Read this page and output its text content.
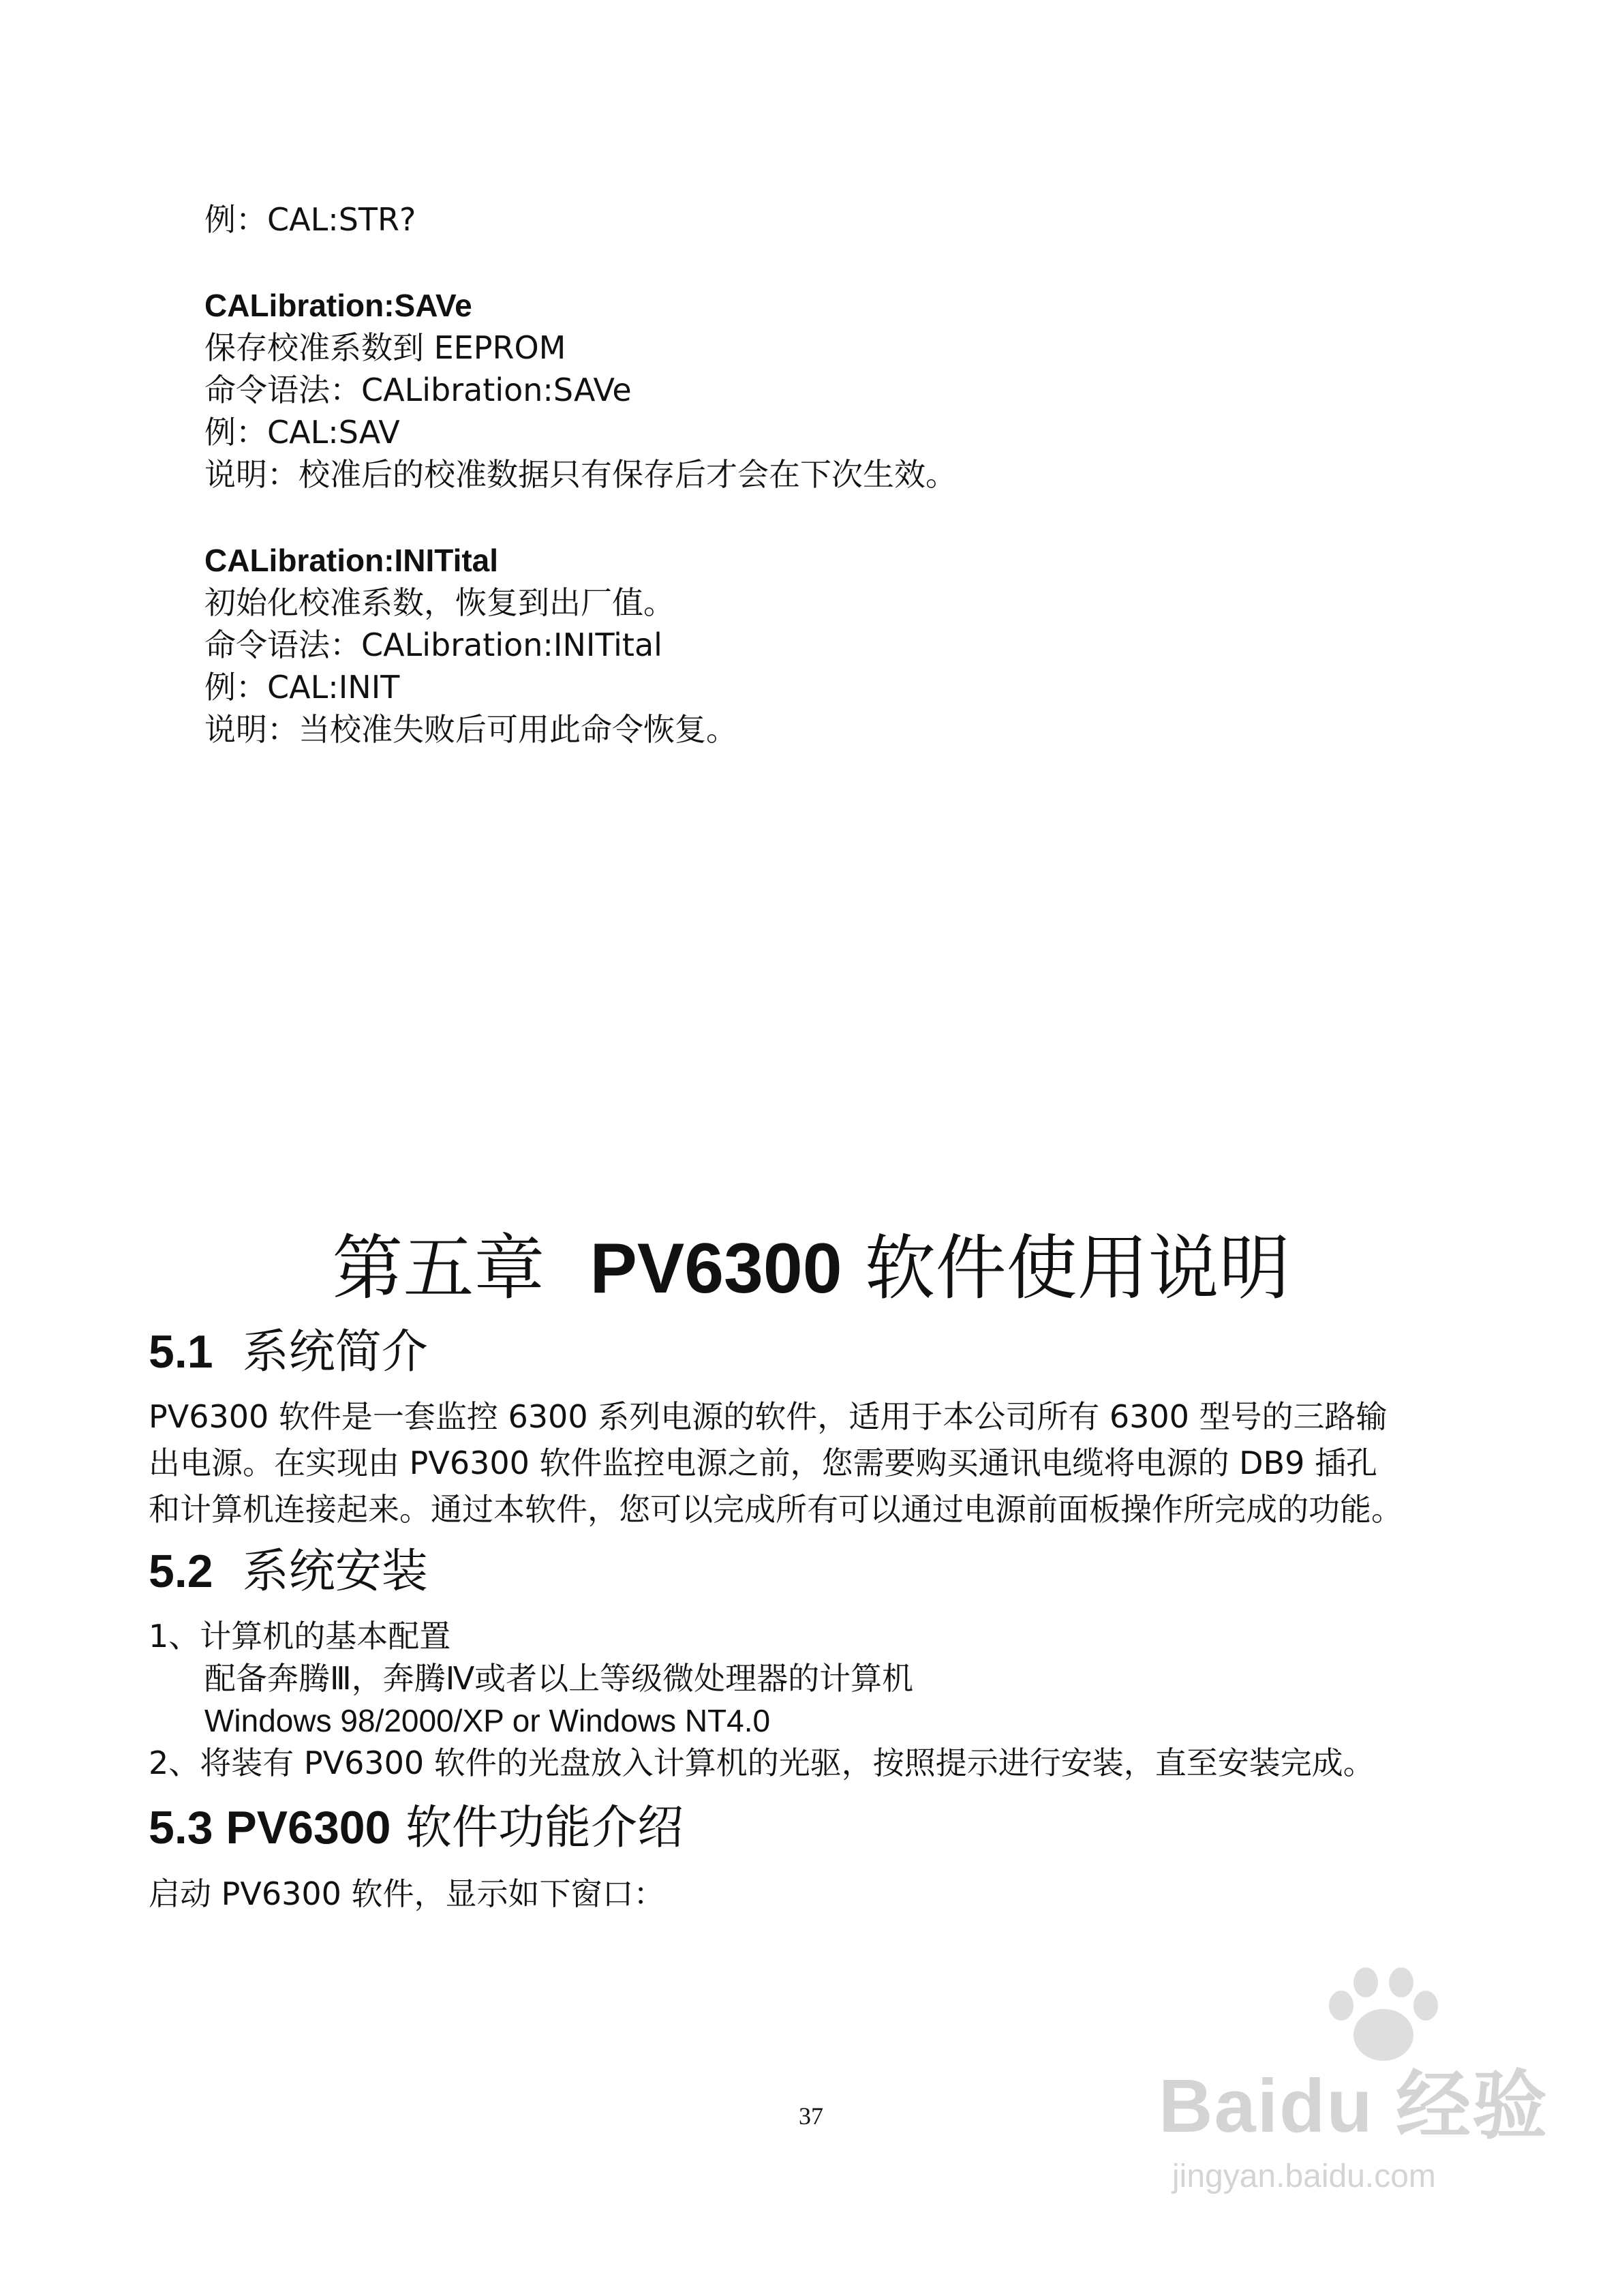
例：CAL:STR?
CALibration:SAVe
保存校准系数到 EEPROM
命令语法：CALibration:SAVe
例：CAL:SAV
说明：校准后的校准数据只有保存后才会在下次生效。
CALibration:INITital
初始化校准系数，恢复到出厂值。
命令语法：CALibration:INITital
例：CAL:INIT
说明：当校准失败后可用此命令恢复。
第五章 PV6300 软件使用说明
5.1 系统简介
PV6300 软件是一套监控 6300 系列电源的软件，适用于本公司所有 6300 型号的三路输
出电源。在实现由 PV6300 软件监控电源之前，您需要购买通讯电缆将电源的 DB9 插孔
和计算机连接起来。通过本软件，您可以完成所有可以通过电源前面板操作所完成的功能。
5.2 系统安装
1、计算机的基本配置
配备奔腾Ⅲ，奔腾Ⅳ或者以上等级微处理器的计算机
Windows 98/2000/XP or Windows NT4.0
2、将装有 PV6300 软件的光盘放入计算机的光驱，按照提示进行安装，直至安装完成。
5.3 PV6300 软件功能介绍
启动 PV6300 软件，显示如下窗口：
37	Baidu 经验
jingyan.baidu.com
